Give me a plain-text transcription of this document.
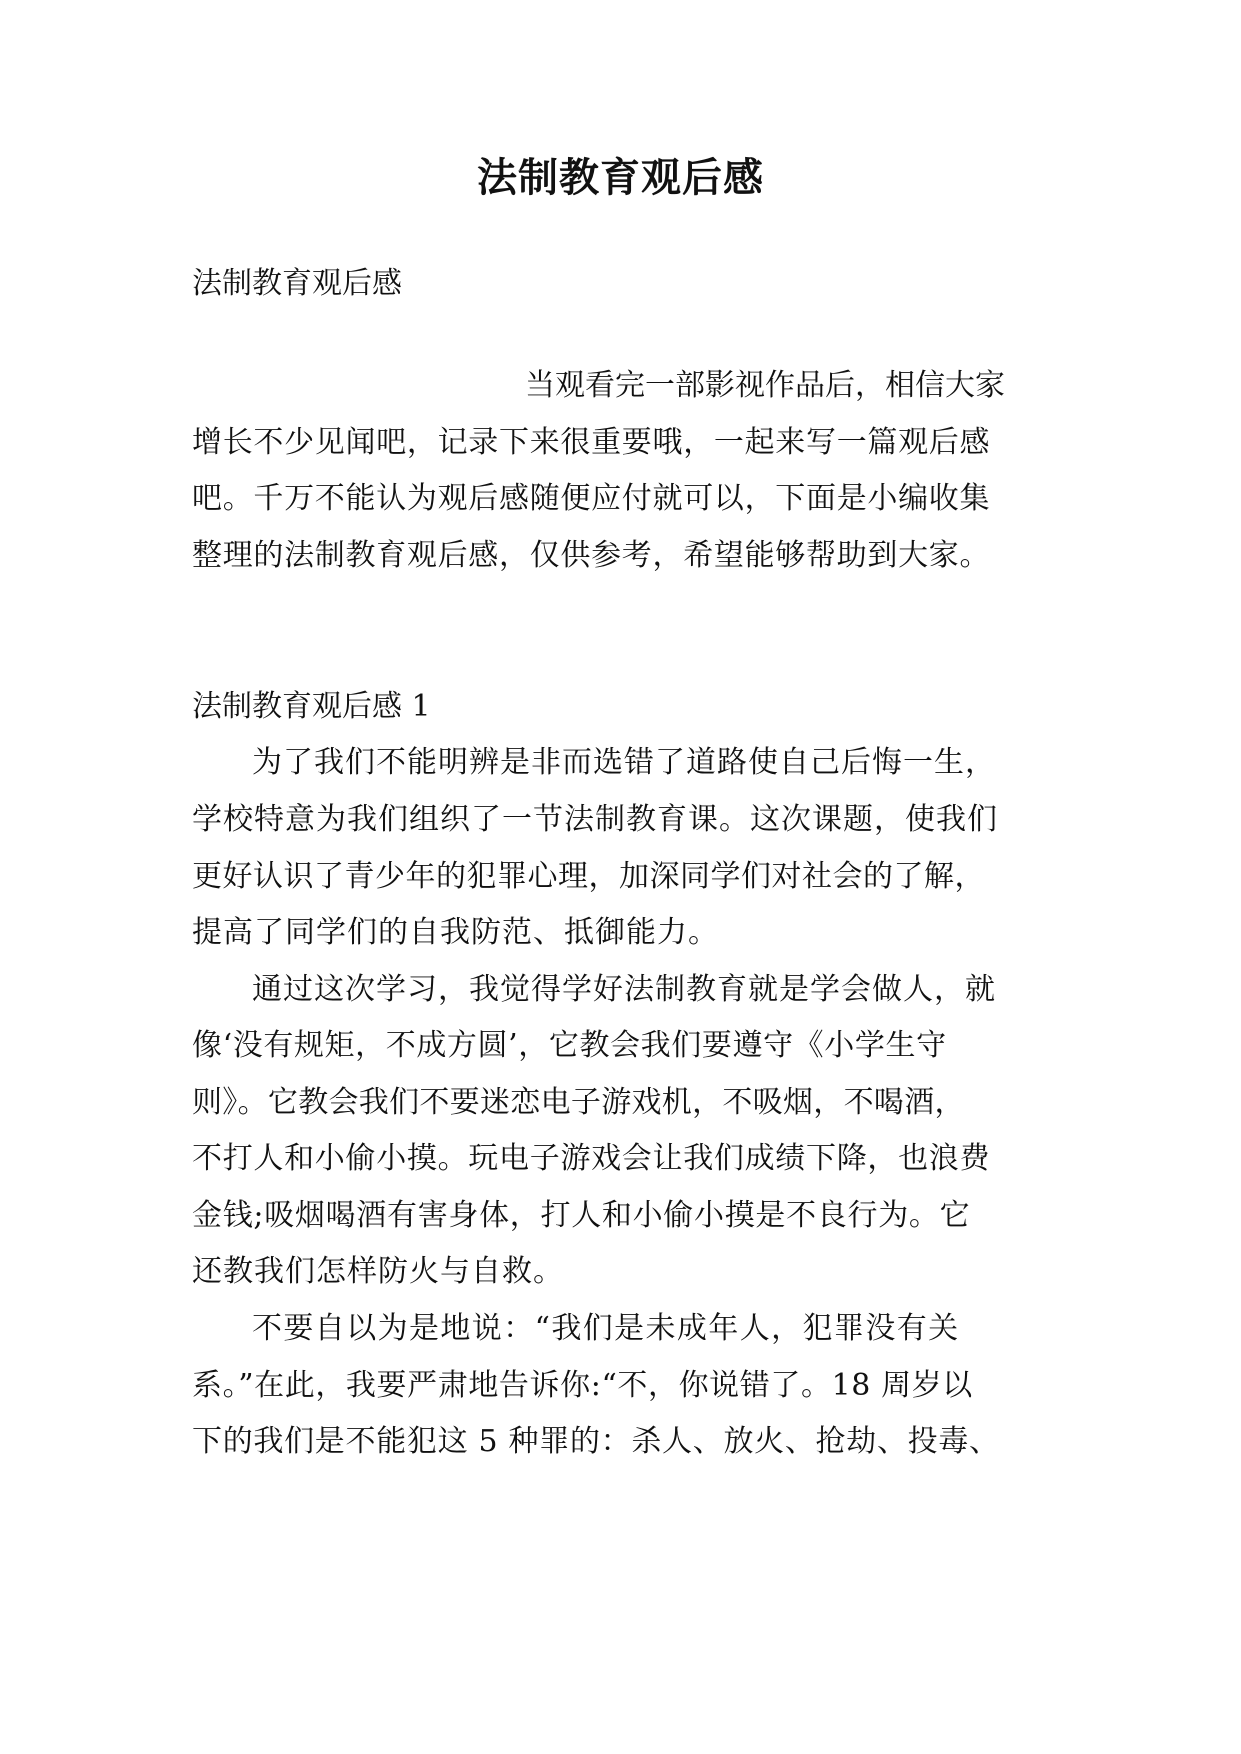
法制教育观后感
法制教育观后感
当观看完一部影视作品后，相信大家
增长不少见闻吧，记录下来很重要哦，一起来写一篇观后感
吧。千万不能认为观后感随便应付就可以，下面是小编收集
整理的法制教育观后感，仅供参考，希望能够帮助到大家。
法制教育观后感 1
为了我们不能明辨是非而选错了道路使自己后悔一生，
学校特意为我们组织了一节法制教育课。这次课题，使我们
更好认识了青少年的犯罪心理，加深同学们对社会的了解，
提高了同学们的自我防范、抵御能力。
通过这次学习，我觉得学好法制教育就是学会做人，就
像‘没有规矩，不成方圆’，它教会我们要遵守《小学生守
则》。它教会我们不要迷恋电子游戏机，不吸烟，不喝酒，
不打人和小偷小摸。玩电子游戏会让我们成绩下降，也浪费
金钱;吸烟喝酒有害身体，打人和小偷小摸是不良行为。它
还教我们怎样防火与自救。
不要自以为是地说：“我们是未成年人，犯罪没有关
系。”在此，我要严肃地告诉你:“不，你说错了。18 周岁以
下的我们是不能犯这 5 种罪的：杀人、放火、抢劫、投毒、
